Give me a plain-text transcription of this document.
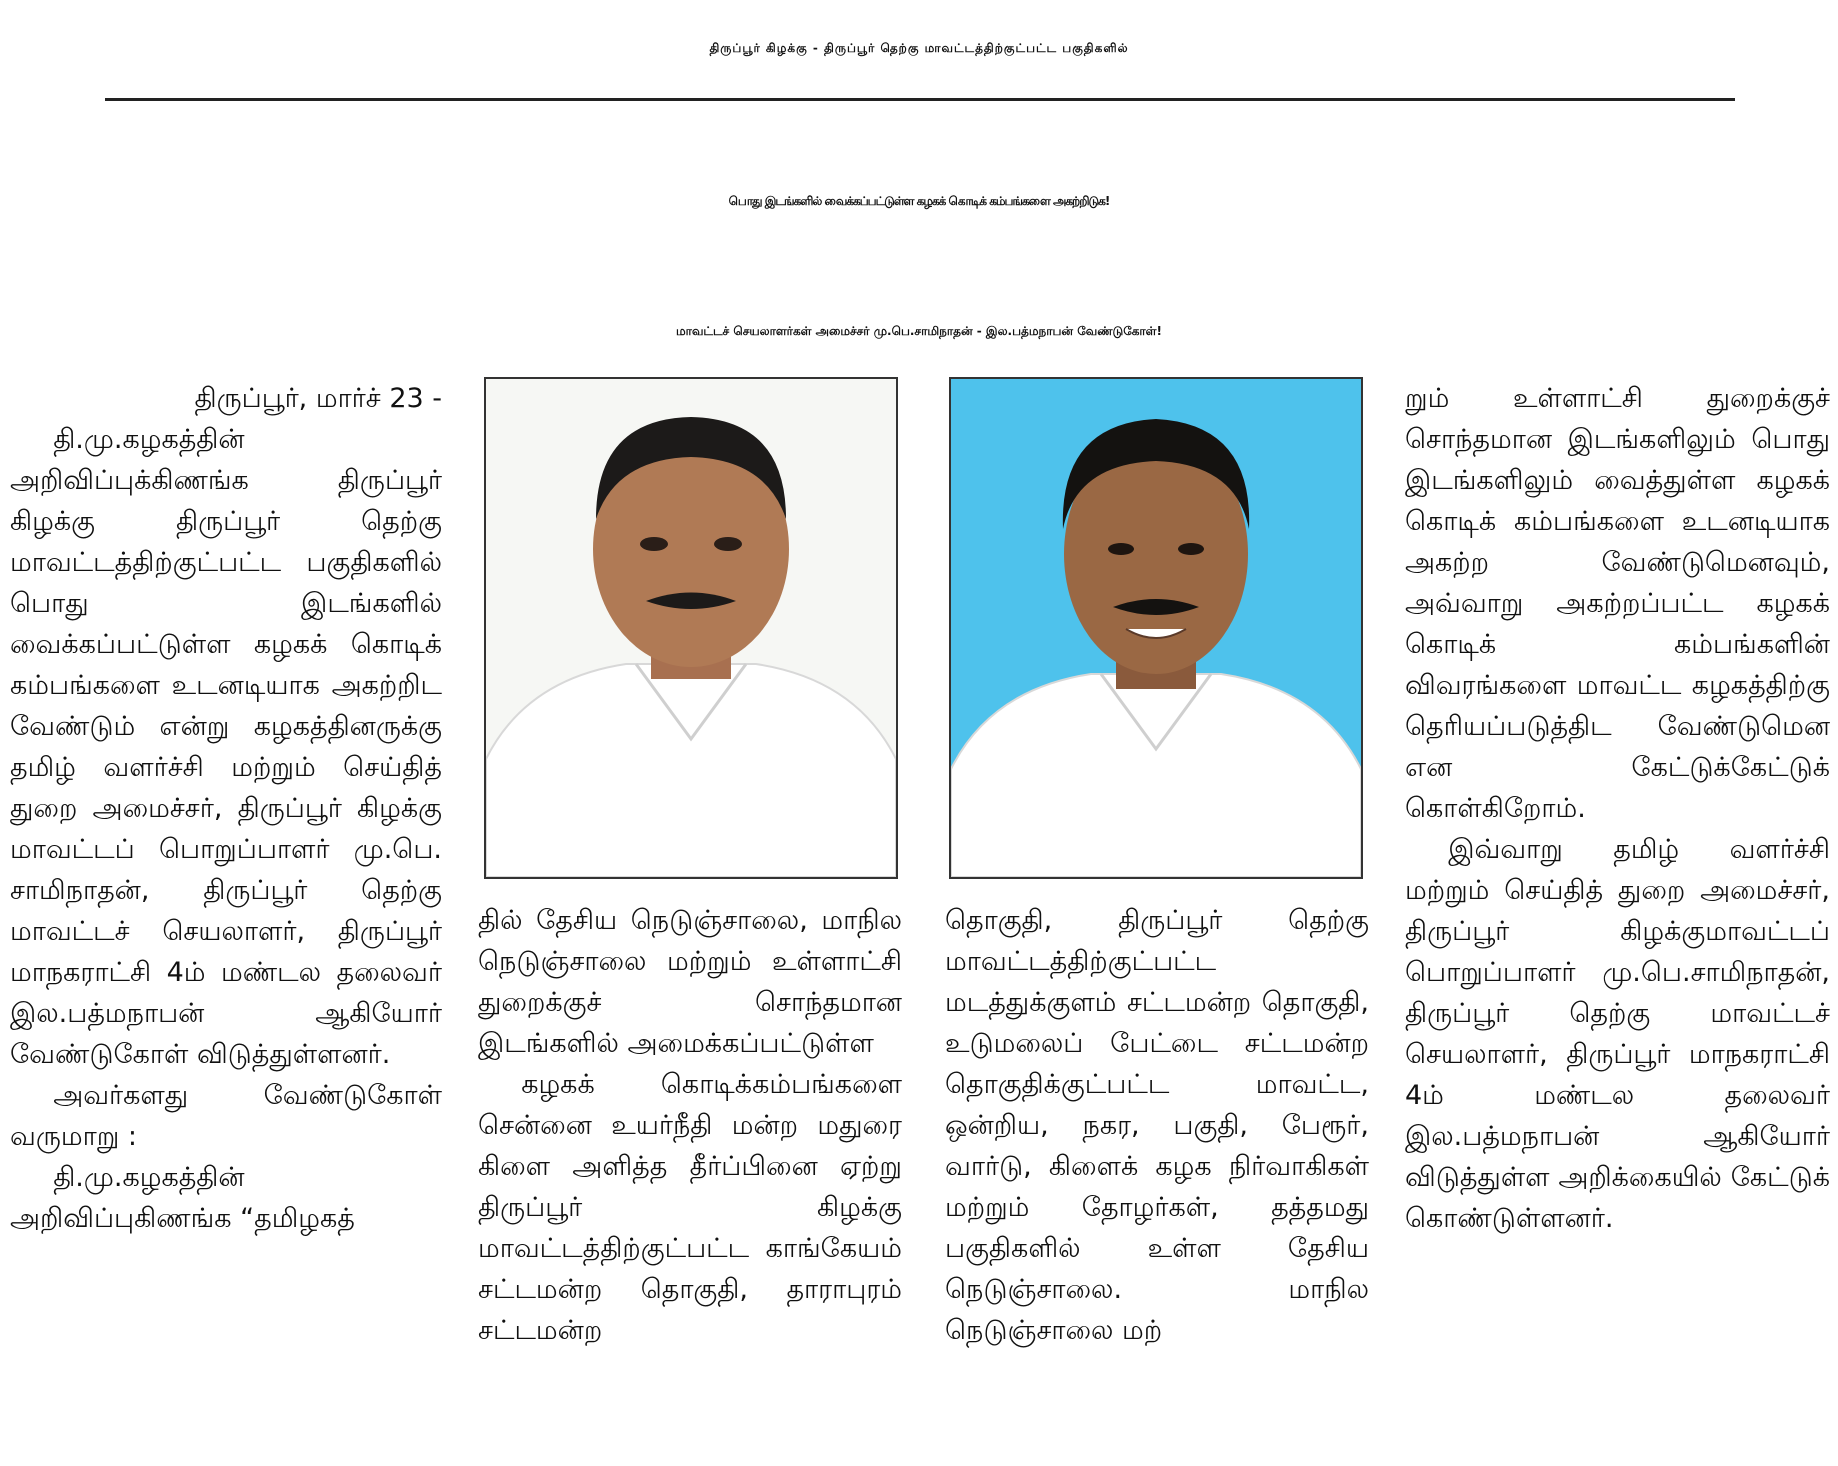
திருப்பூர் கிழக்கு - திருப்பூர் தெற்கு மாவட்டத்திற்குட்பட்ட பகுதிகளில்
பொது இடங்களில் வைக்கப்பட்டுள்ள கழகக் கொடிக் கம்பங்களை அகற்றிடுக!
மாவட்டச் செயலாளர்கள் அமைச்சர் மு.பெ.சாமிநாதன் - இல.பத்மநாபன் வேண்டுகோள்!

திருப்பூர், மார்ச் 23 -

தி.மு.கழகத்தின் அறிவிப்புக்கிணங்க திருப்பூர் கிழக்கு திருப்பூர் தெற்கு மாவட்டத்திற்குட்பட்ட பகுதிகளில் பொது இடங்களில் வைக்கப்பட்டுள்ள கழகக் கொடிக் கம்பங்களை உடனடியாக அகற்றிட வேண்டும் என்று கழகத்தினருக்கு தமிழ் வளர்ச்சி மற்றும் செய்தித் துறை அமைச்சர், திருப்பூர் கிழக்கு மாவட்டப் பொறுப்பாளர் மு.பெ. சாமிநாதன், திருப்பூர் தெற்கு மாவட்டச் செயலாளர், திருப்பூர் மாநகராட்சி 4ம் மண்டல தலைவர் இல.பத்மநாபன் ஆகியோர் வேண்டுகோள் விடுத்துள்ளனர்.

அவர்களது வேண்டுகோள் வருமாறு :

தி.மு.கழகத்தின் அறிவிப்புகிணங்க “தமிழகத்

தில் தேசிய நெடுஞ்சாலை, மாநில நெடுஞ்சாலை மற்றும் உள்ளாட்சி துறைக்குச் சொந்தமான இடங்களில் அமைக்கப்பட்டுள்ள

கழகக் கொடிக்கம்பங்களை சென்னை உயர்நீதி மன்ற மதுரை கிளை அளித்த தீர்ப்பினை ஏற்று திருப்பூர் கிழக்கு மாவட்டத்திற்குட்பட்ட காங்கேயம் சட்டமன்ற தொகுதி, தாராபுரம் சட்டமன்ற

தொகுதி, திருப்பூர் தெற்கு மாவட்டத்திற்குட்பட்ட மடத்துக்குளம் சட்டமன்ற தொகுதி, உடுமலைப் பேட்டை சட்டமன்ற தொகுதிக்குட்பட்ட மாவட்ட, ஒன்றிய, நகர, பகுதி, பேரூர், வார்டு, கிளைக் கழக நிர்வாகிகள் மற்றும் தோழர்கள், தத்தமது பகுதிகளில் உள்ள தேசிய நெடுஞ்சாலை. மாநில நெடுஞ்சாலை மற்

றும் உள்ளாட்சி துறைக்குச் சொந்தமான இடங்களிலும் பொது இடங்களிலும் வைத்துள்ள கழகக் கொடிக் கம்பங்களை உடனடியாக அகற்ற வேண்டுமெனவும், அவ்வாறு அகற்றப்பட்ட கழகக் கொடிக் கம்பங்களின் விவரங்களை மாவட்ட கழகத்திற்கு தெரியப்படுத்திட வேண்டுமென என கேட்டுக்கேட்டுக் கொள்கிறோம்.

இவ்வாறு தமிழ் வளர்ச்சி மற்றும் செய்தித் துறை அமைச்சர், திருப்பூர் கிழக்குமாவட்டப் பொறுப்பாளர் மு.பெ.சாமிநாதன், திருப்பூர் தெற்கு மாவட்டச் செயலாளர், திருப்பூர் மாநகராட்சி 4ம் மண்டல தலைவர் இல.பத்மநாபன் ஆகியோர் விடுத்துள்ள அறிக்கையில் கேட்டுக் கொண்டுள்ளனர்.
